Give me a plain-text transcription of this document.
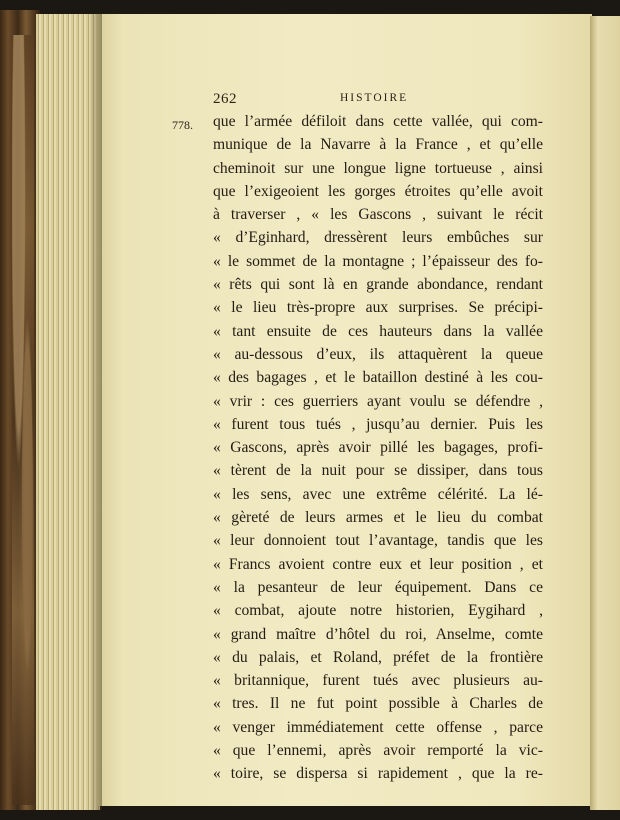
262	HISTOIRE
778. que l’armée défiloit dans cette vallée, qui com-
munique de la Navarre à la France , et qu’elle
cheminoit sur une longue ligne tortueuse , ainsi
que l’exigeoient les gorges étroites qu’elle avoit
à traverser , « les Gascons , suivant le récit
« d’Eginhard, dressèrent leurs embûches sur
« le sommet de la montagne ; l’épaisseur des fo-
« rêts qui sont là en grande abondance, rendant
« le lieu très-propre aux surprises. Se précipi-
« tant ensuite de ces hauteurs dans la vallée
« au-dessous d’eux, ils attaquèrent la queue
« des bagages , et le bataillon destiné à les cou-
« vrir : ces guerriers ayant voulu se défendre ,
« furent tous tués , jusqu’au dernier. Puis les
« Gascons, après avoir pillé les bagages, profi-
« tèrent de la nuit pour se dissiper, dans tous
« les sens, avec une extrême célérité. La lé-
« gèreté de leurs armes et le lieu du combat
« leur donnoient tout l’avantage, tandis que les
« Francs avoient contre eux et leur position , et
« la pesanteur de leur équipement. Dans ce
« combat, ajoute notre historien, Eygihard ,
« grand maître d’hôtel du roi, Anselme, comte
« du palais, et Roland, préfet de la frontière
« britannique, furent tués avec plusieurs au-
« tres. Il ne fut point possible à Charles de
« venger immédiatement cette offense , parce
« que l’ennemi, après avoir remporté la vic-
« toire, se dispersa si rapidement , que la re-
